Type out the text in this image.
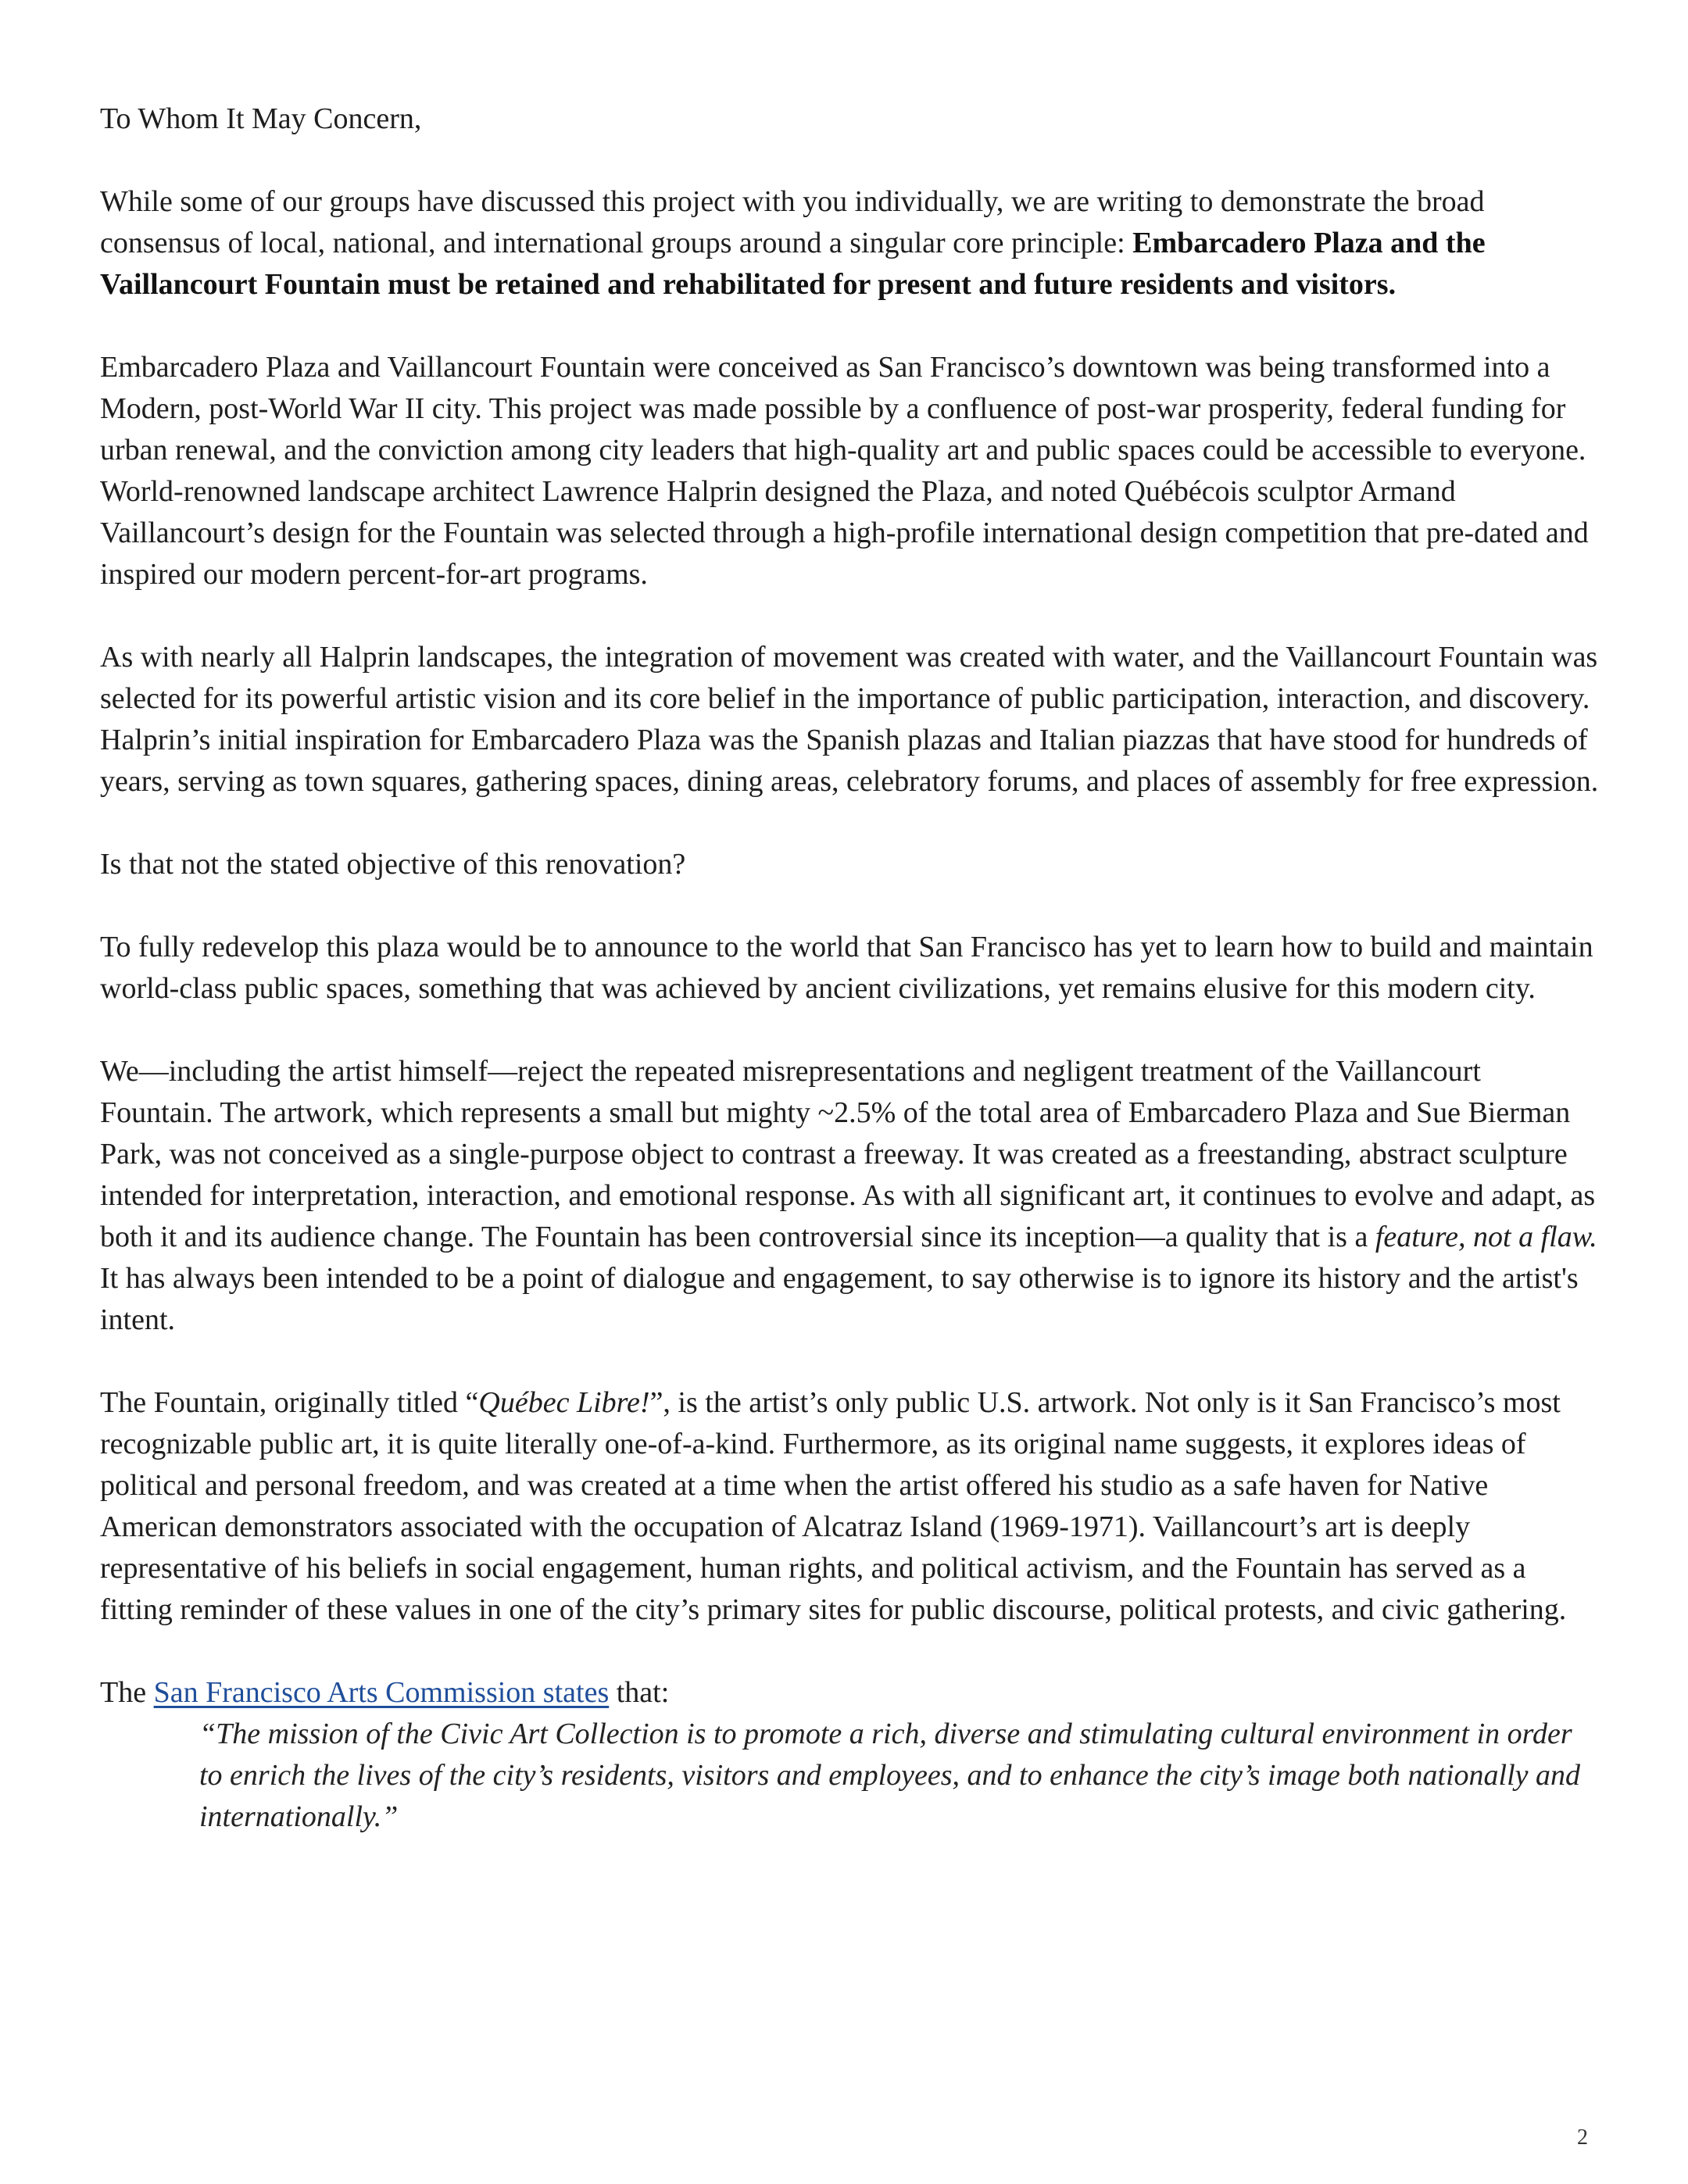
To Whom It May Concern,

While some of our groups have discussed this project with you individually, we are writing to demonstrate the broad consensus of local, national, and international groups around a singular core principle: Embarcadero Plaza and the Vaillancourt Fountain must be retained and rehabilitated for present and future residents and visitors.

Embarcadero Plaza and Vaillancourt Fountain were conceived as San Francisco’s downtown was being transformed into a Modern, post-World War II city. This project was made possible by a confluence of post-war prosperity, federal funding for urban renewal, and the conviction among city leaders that high-quality art and public spaces could be accessible to everyone. World-renowned landscape architect Lawrence Halprin designed the Plaza, and noted Québécois sculptor Armand Vaillancourt’s design for the Fountain was selected through a high-profile international design competition that pre-dated and inspired our modern percent-for-art programs.

As with nearly all Halprin landscapes, the integration of movement was created with water, and the Vaillancourt Fountain was selected for its powerful artistic vision and its core belief in the importance of public participation, interaction, and discovery. Halprin’s initial inspiration for Embarcadero Plaza was the Spanish plazas and Italian piazzas that have stood for hundreds of years, serving as town squares, gathering spaces, dining areas, celebratory forums, and places of assembly for free expression.

Is that not the stated objective of this renovation?

To fully redevelop this plaza would be to announce to the world that San Francisco has yet to learn how to build and maintain world-class public spaces, something that was achieved by ancient civilizations, yet remains elusive for this modern city.

We—including the artist himself—reject the repeated misrepresentations and negligent treatment of the Vaillancourt Fountain. The artwork, which represents a small but mighty ~2.5% of the total area of Embarcadero Plaza and Sue Bierman Park, was not conceived as a single-purpose object to contrast a freeway. It was created as a freestanding, abstract sculpture intended for interpretation, interaction, and emotional response. As with all significant art, it continues to evolve and adapt, as both it and its audience change. The Fountain has been controversial since its inception—a quality that is a feature, not a flaw. It has always been intended to be a point of dialogue and engagement, to say otherwise is to ignore its history and the artist's intent.

The Fountain, originally titled “Québec Libre!”, is the artist’s only public U.S. artwork. Not only is it San Francisco’s most recognizable public art, it is quite literally one-of-a-kind. Furthermore, as its original name suggests, it explores ideas of political and personal freedom, and was created at a time when the artist offered his studio as a safe haven for Native American demonstrators associated with the occupation of Alcatraz Island (1969-1971). Vaillancourt’s art is deeply representative of his beliefs in social engagement, human rights, and political activism, and the Fountain has served as a fitting reminder of these values in one of the city’s primary sites for public discourse, political protests, and civic gathering.

The San Francisco Arts Commission states that:

“The mission of the Civic Art Collection is to promote a rich, diverse and stimulating cultural environment in order to enrich the lives of the city’s residents, visitors and employees, and to enhance the city’s image both nationally and internationally.”

2
